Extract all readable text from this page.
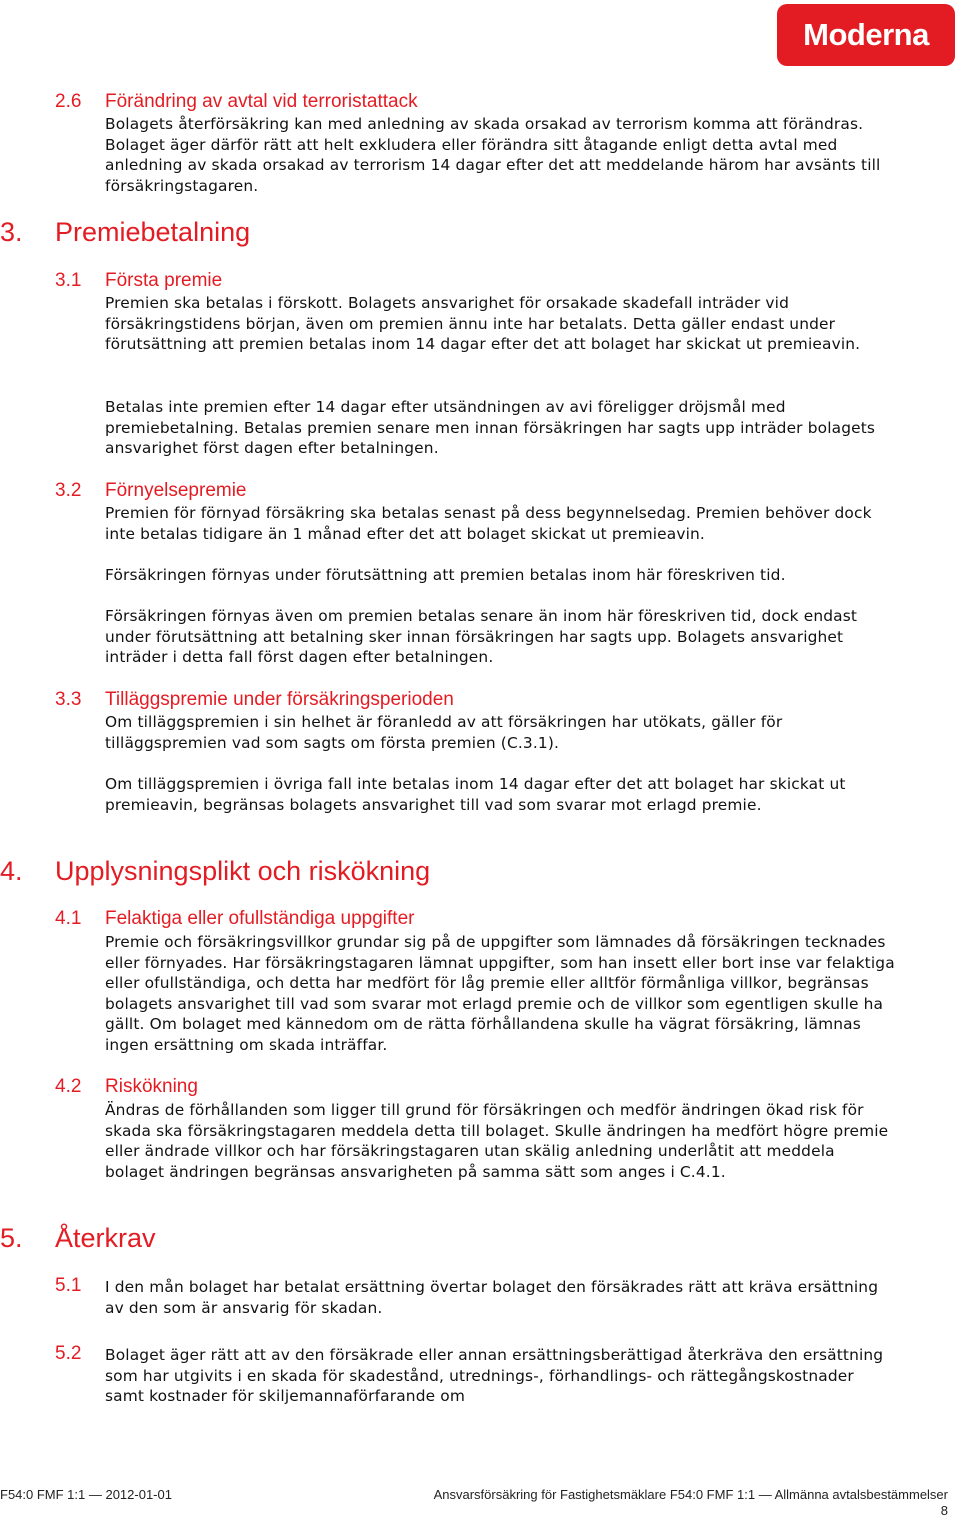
Moderna
2.6 Förändring av avtal vid terroristattack
Bolagets återförsäkring kan med anledning av skada orsakad av terrorism komma att förändras. Bolaget äger därför rätt att helt exkludera eller förändra sitt åtagande enligt detta avtal med anledning av skada orsakad av terrorism 14 dagar efter det att meddelande härom har avsänts till försäkringstagaren.
3. Premiebetalning
3.1 Första premie
Premien ska betalas i förskott. Bolagets ansvarighet för orsakade skadefall inträder vid försäkringstidens början, även om premien ännu inte har betalats. Detta gäller endast under förutsättning att premien betalas inom 14 dagar efter det att bolaget har skickat ut premieavin.
Betalas inte premien efter 14 dagar efter utsändningen av avi föreligger dröjsmål med premiebetalning. Betalas premien senare men innan försäkringen har sagts upp inträder bolagets ansvarighet först dagen efter betalningen.
3.2 Förnyelsepremie
Premien för förnyad försäkring ska betalas senast på dess begynnelsedag. Premien behöver dock inte betalas tidigare än 1 månad efter det att bolaget skickat ut premieavin.
Försäkringen förnyas under förutsättning att premien betalas inom här föreskriven tid.
Försäkringen förnyas även om premien betalas senare än inom här föreskriven tid, dock endast under förutsättning att betalning sker innan försäkringen har sagts upp. Bolagets ansvarighet inträder i detta fall först dagen efter betalningen.
3.3 Tilläggspremie under försäkringsperioden
Om tilläggspremien i sin helhet är föranledd av att försäkringen har utökats, gäller för tilläggspremien vad som sagts om första premien (C.3.1).
Om tilläggspremien i övriga fall inte betalas inom 14 dagar efter det att bolaget har skickat ut premieavin, begränsas bolagets ansvarighet till vad som svarar mot erlagd premie.
4. Upplysningsplikt och riskökning
4.1 Felaktiga eller ofullständiga uppgifter
Premie och försäkringsvillkor grundar sig på de uppgifter som lämnades då försäkringen tecknades eller förnyades. Har försäkringstagaren lämnat uppgifter, som han insett eller bort inse var felaktiga eller ofullständiga, och detta har medfört för låg premie eller alltför förmånliga villkor, begränsas bolagets ansvarighet till vad som svarar mot erlagd premie och de villkor som egentligen skulle ha gällt. Om bolaget med kännedom om de rätta förhållandena skulle ha vägrat försäkring, lämnas ingen ersättning om skada inträffar.
4.2 Riskökning
Ändras de förhållanden som ligger till grund för försäkringen och medför ändringen ökad risk för skada ska försäkringstagaren meddela detta till bolaget. Skulle ändringen ha medfört högre premie eller ändrade villkor och har försäkringstagaren utan skälig anledning underlåtit att meddela bolaget ändringen begränsas ansvarigheten på samma sätt som anges i C.4.1.
5. Återkrav
5.1 I den mån bolaget har betalat ersättning övertar bolaget den försäkrades rätt att kräva ersättning av den som är ansvarig för skadan.
5.2 Bolaget äger rätt att av den försäkrade eller annan ersättningsberättigad återkräva den ersättning som har utgivits i en skada för skadestånd, utrednings-, förhandlings- och rättegångskostnader samt kostnader för skiljemannaförfarande om
F54:0 FMF 1:1 — 2012-01-01	Ansvarsförsäkring för Fastighetsmäklare F54:0 FMF 1:1 — Allmänna avtalsbestämmelser
8
